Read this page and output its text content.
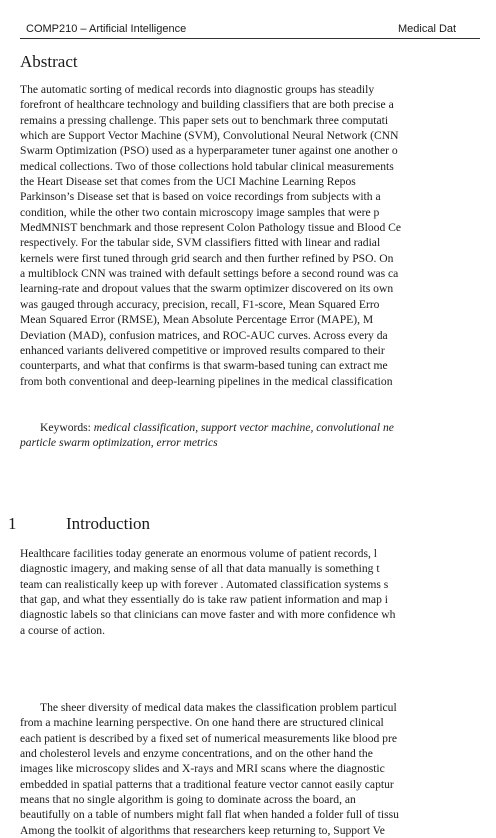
COMP210 – Artificial Intelligence	Medical Dat
Abstract
The automatic sorting of medical records into diagnostic groups has steadily
forefront of healthcare technology and building classifiers that are both precise a
remains a pressing challenge. This paper sets out to benchmark three computati
which are Support Vector Machine (SVM), Convolutional Neural Network (CNN
Swarm Optimization (PSO) used as a hyperparameter tuner against one another o
medical collections. Two of those collections hold tabular clinical measurements
the Heart Disease set that comes from the UCI Machine Learning Repos
Parkinson’s Disease set that is based on voice recordings from subjects with a
condition, while the other two contain microscopy image samples that were p
MedMNIST benchmark and those represent Colon Pathology tissue and Blood Ce
respectively. For the tabular side, SVM classifiers fitted with linear and radial
kernels were first tuned through grid search and then further refined by PSO. On
a multiblock CNN was trained with default settings before a second round was ca
learning-rate and dropout values that the swarm optimizer discovered on its own
was gauged through accuracy, precision, recall, F1-score, Mean Squared Erro
Mean Squared Error (RMSE), Mean Absolute Percentage Error (MAPE), M
Deviation (MAD), confusion matrices, and ROC-AUC curves. Across every da
enhanced variants delivered competitive or improved results compared to their
counterparts, and what that confirms is that swarm-based tuning can extract me
from both conventional and deep-learning pipelines in the medical classification
Keywords: medical classification, support vector machine, convolutional ne
particle swarm optimization, error metrics
1	Introduction
Healthcare facilities today generate an enormous volume of patient records, l
diagnostic imagery, and making sense of all that data manually is something t
team can realistically keep up with forever . Automated classification systems s
that gap, and what they essentially do is take raw patient information and map i
diagnostic labels so that clinicians can move faster and with more confidence wh
a course of action.
The sheer diversity of medical data makes the classification problem particul
from a machine learning perspective. On one hand there are structured clinical
each patient is described by a fixed set of numerical measurements like blood pre
and cholesterol levels and enzyme concentrations, and on the other hand the
images like microscopy slides and X-rays and MRI scans where the diagnostic
embedded in spatial patterns that a traditional feature vector cannot easily captur
means that no single algorithm is going to dominate across the board, an
beautifully on a table of numbers might fall flat when handed a folder full of tissu
Among the toolkit of algorithms that researchers keep returning to, Support Ve
